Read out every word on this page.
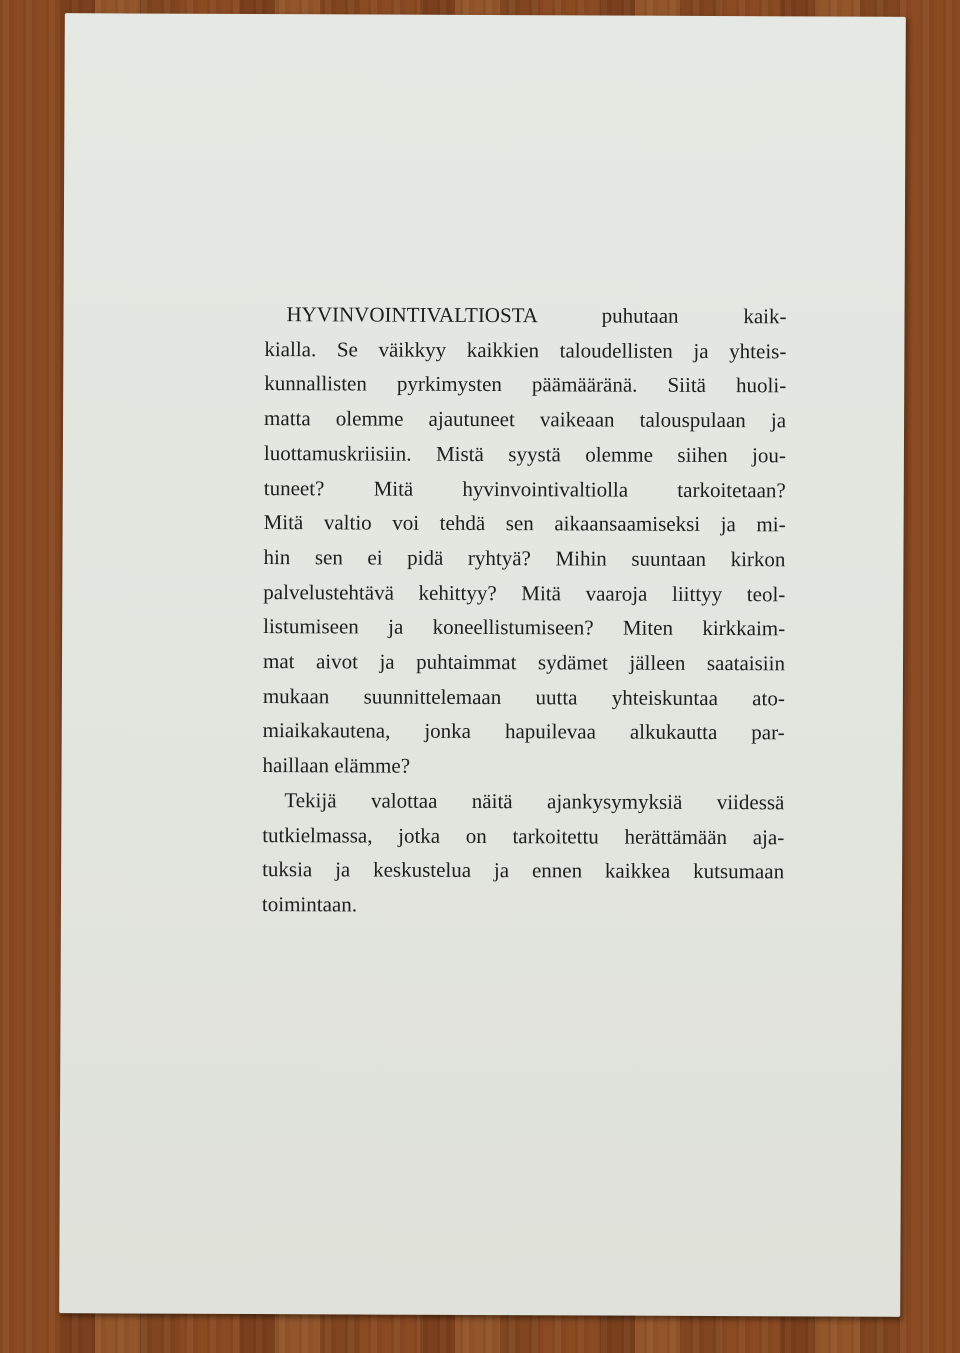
HYVINVOINTIVALTIOSTA puhutaan kaik-
kialla. Se väikkyy kaikkien taloudellisten ja yhteis-
kunnallisten pyrkimysten päämääränä. Siitä huoli-
matta olemme ajautuneet vaikeaan talouspulaan ja
luottamuskriisiin. Mistä syystä olemme siihen jou-
tuneet? Mitä hyvinvointivaltiolla tarkoitetaan?
Mitä valtio voi tehdä sen aikaansaamiseksi ja mi-
hin sen ei pidä ryhtyä? Mihin suuntaan kirkon
palvelustehtävä kehittyy? Mitä vaaroja liittyy teol-
listumiseen ja koneellistumiseen? Miten kirkkaim-
mat aivot ja puhtaimmat sydämet jälleen saataisiin
mukaan suunnittelemaan uutta yhteiskuntaa ato-
miaikakautena, jonka hapuilevaa alkukautta par-
haillaan elämme?
Tekijä valottaa näitä ajankysymyksiä viidessä
tutkielmassa, jotka on tarkoitettu herättämään aja-
tuksia ja keskustelua ja ennen kaikkea kutsumaan
toimintaan.
